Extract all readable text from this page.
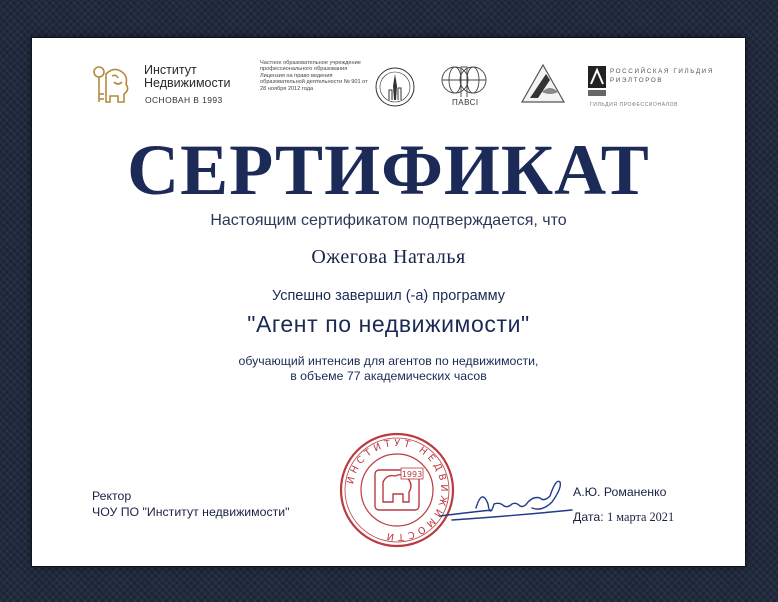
Институт
Недвижимости
ОСНОВАН В 1993
Частное образовательное учреждение профессионального образования Лицензия на право ведения образовательной деятельности № 901 от 28 ноября 2012 года
ПАВСI
РОССИЙСКАЯ ГИЛЬДИЯ РИЭЛТОРОВ
ГИЛЬДИЯ ПРОФЕССИОНАЛОВ
СЕРТИФИКАТ
Настоящим сертификатом подтверждается, что
Ожегова Наталья
Успешно завершил (-а) программу
"Агент по недвижимости"
обучающий интенсив для агентов по недвижимости,
в объеме 77 академических часов
Ректор
ЧОУ ПО "Институт недвижимости"
ИНСТИТУТ НЕДВИЖИМОСТИ
1993
А.Ю. Романенко
Дата: 1 марта 2021
